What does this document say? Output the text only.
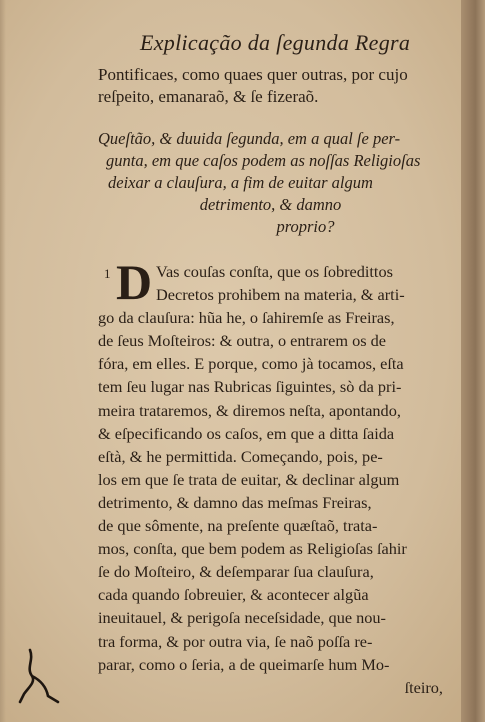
Explicação da ſegunda Regra
Pontificaes, como quaes quer outras, por cujo
reſpeito, emanaraõ, & ſe fizeraõ.
Queſtão, & duuida ſegunda, em a qual ſe per-
gunta, em que caſos podem as noſſas Religioſas
deixar a clauſura, a fim de euitar algum
detrimento, & damno
proprio?
1 D Vas couſas conſta, que os ſobredittos
Decretos prohibem na materia, & arti-
go da clauſura: hũa he, o ſahiremſe as Freiras,
de ſeus Moſteiros: & outra, o entrarem os de
fóra, em elles. E porque, como jà tocamos, eſta
tem ſeu lugar nas Rubricas ſiguintes, sò da pri-
meira trataremos, & diremos neſta, apontando,
& eſpecificando os caſos, em que a ditta ſaida
eſtà, & he permittida. Começando, pois, pe-
los em que ſe trata de euitar, & declinar algum
detrimento, & damno das meſmas Freiras,
de que sômente, na preſente quæſtaõ, trata-
mos, conſta, que bem podem as Religioſas ſahir
ſe do Moſteiro, & deſemparar ſua clauſura,
cada quando ſobreuier, & acontecer algũa
ineuitauel, & perigoſa neceſsidade, que nou-
tra forma, & por outra via, ſe naõ poſſa re-
parar, como o ſeria, a de queimarſe hum Mo-
ſteiro,
